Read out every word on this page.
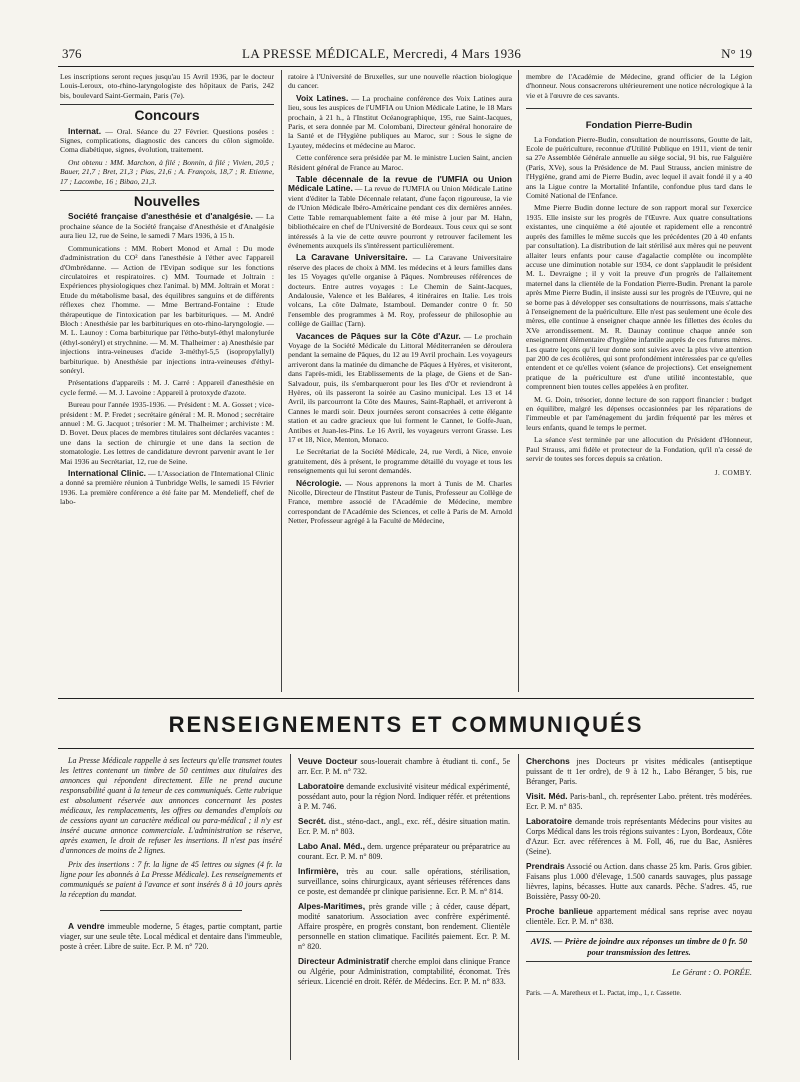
376	LA PRESSE MÉDICALE, Mercredi, 4 Mars 1936	N° 19

Les inscriptions seront reçues jusqu'au 15 Avril 1936, par le docteur Louis-Leroux, oto-rhino-laryngologiste des hôpitaux de Paris, 242 bis, boulevard Saint-Germain, Paris (7e).

Concours

Internat. — Oral. Séance du 27 Février. Questions posées : Signes, complications, diagnostic des cancers du côlon sigmoïde. Coma diabétique, signes, évolution, traitement.

Ont obtenu : MM. Marchon, à filé ; Bonnin, à filé ; Vivien, 20,5 ; Bauer, 21,7 ; Bret, 21,3 ; Pias, 21,6 ; A. François, 18,7 ; R. Etienne, 17 ; Lacombe, 16 ; Bibao, 21,3.

Nouvelles

Société française d'anesthésie et d'analgésie. — La prochaine séance de la Société française d'Anesthésie et d'Analgésie aura lieu 12, rue de Seine, le samedi 7 Mars 1936, à 15 h.

Communications : MM. Robert Monod et Arnal : Du mode d'administration du CO² dans l'anesthésie à l'éther avec l'appareil d'Ombrédanne. — Action de l'Evipan sodique sur les fonctions circulatoires et respiratoires. c) MM. Tournade et Joltrain : Expériences physiologiques chez l'animal. b) MM. Joltrain et Morat : Etude du métabolisme basal, des équilibres sanguins et de différents réflexes chez l'homme. — Mme Bertrand-Fontaine : Etude thérapeutique de l'intoxication par les barbituriques. — M. André Bloch : Anesthésie par les barbituriques en oto-rhino-laryngologie. — M. L. Launoy : Coma barbiturique par l'étho-butyl-éthyl malonylurée (éthyl-sonéryl) et strychnine. — M. M. Thalheimer : a) Anesthésie par injections intra-veineuses d'acide 3-méthyl-5,5 (isopropylallyl) barbiturique. b) Anesthésie par injections intra-veineuses d'éthyl-sonéryl.

Présentations d'appareils : M. J. Carré : Appareil d'anesthésie en cycle fermé. — M. J. Lavoine : Appareil à protoxyde d'azote.

Bureau pour l'année 1935-1936. — Président : M. A. Gosset ; vice-président : M. P. Fredet ; secrétaire général : M. R. Monod ; secrétaire annuel : M. G. Jacquot ; trésorier : M. M. Thalheimer ; archiviste : M. D. Bovet. Deux places de membres titulaires sont déclarées vacantes : une dans la section de chirurgie et une dans la section de stomatologie. Les lettres de candidature devront parvenir avant le 1er Mai 1936 au Secrétariat, 12, rue de Seine.

International Clinic. — L'Association de l'International Clinic a donné sa première réunion à Tunbridge Wells, le samedi 15 Février 1936. La première conférence a été faite par M. Mendelieff, chef de labo-

ratoire à l'Université de Bruxelles, sur une nouvelle réaction biologique du cancer.

Voix Latines. — La prochaine conférence des Voix Latines aura lieu, sous les auspices de l'UMFIA ou Union Médicale Latine, le 18 Mars prochain, à 21 h., à l'Institut Océanographique, 195, rue Saint-Jacques, Paris, et sera donnée par M. Colombani, Directeur général honoraire de la Santé et de l'Hygiène publiques au Maroc, sur : Sous le signe de Lyautey, médecins et médecine au Maroc.

Cette conférence sera présidée par M. le ministre Lucien Saint, ancien Résident général de France au Maroc.

Table décennale de la revue de l'UMFIA ou Union Médicale Latine. — La revue de l'UMFIA ou Union Médicale Latine vient d'éditer la Table Décennale relatant, d'une façon rigoureuse, la vie de l'Union Médicale Ibéro-Américaine pendant ces dix dernières années. Cette Table remarquablement faite a été mise à jour par M. Hahn, bibliothécaire en chef de l'Université de Bordeaux. Tous ceux qui se sont intéressés à la vie de cette œuvre pourront y retrouver facilement les événements auxquels ils s'intéressent particulièrement.

La Caravane Universitaire. — La Caravane Universitaire réserve des places de choix à MM. les médecins et à leurs familles dans les 15 Voyages qu'elle organise à Pâques. Nombreuses références de docteurs. Entre autres voyages : Le Chemin de Saint-Jacques, Andalousie, Valence et les Baléares, 4 itinéraires en Italie. Les trois volcans, La côte Dalmate, Istamboul. Demander contre 0 fr. 50 l'ensemble des programmes à M. Roy, professeur de philosophie au collège de Gaillac (Tarn).

Vacances de Pâques sur la Côte d'Azur. — Le prochain Voyage de la Société Médicale du Littoral Méditerranéen se déroulera pendant la semaine de Pâques, du 12 au 19 Avril prochain. Les voyageurs arriveront dans la matinée du dimanche de Pâques à Hyères, et visiteront, dans l'après-midi, les Etablissements de la plage, de Giens et de San-Salvadour, puis, ils s'embarqueront pour les Iles d'Or et reviendront à Hyères, où ils passeront la soirée au Casino municipal. Les 13 et 14 Avril, ils parcourront la Côte des Maures, Saint-Raphaël, et arriveront à Cannes le mardi soir. Deux journées seront consacrées à cette élégante station et au cadre gracieux que lui forment le Cannet, le Golfe-Juan, Antibes et Juan-les-Pins. Le 16 Avril, les voyageurs verront Grasse. Les 17 et 18, Nice, Menton, Monaco.

Le Secrétariat de la Société Médicale, 24, rue Verdi, à Nice, envoie gratuitement, dès à présent, le programme détaillé du voyage et tous les renseignements qui lui seront demandés.

Nécrologie. — Nous apprenons la mort à Tunis de M. Charles Nicolle, Directeur de l'Institut Pasteur de Tunis, Professeur au Collège de France, membre associé de l'Académie de Médecine, membre correspondant de l'Académie des Sciences, et celle à Paris de M. Arnold Netter, Professeur agrégé à la Faculté de Médecine,

membre de l'Académie de Médecine, grand officier de la Légion d'honneur. Nous consacrerons ultérieurement une notice nécrologique à la vie et à l'œuvre de ces savants.

Fondation Pierre-Budin

La Fondation Pierre-Budin, consultation de nourrissons, Goutte de lait, Ecole de puériculture, reconnue d'Utilité Publique en 1911, vient de tenir sa 27e Assemblée Générale annuelle au siège social, 91 bis, rue Falguière (Paris, XVe), sous la Présidence de M. Paul Strauss, ancien ministre de l'Hygiène, grand ami de Pierre Budin, avec lequel il avait fondé il y a 40 ans la Ligue contre la Mortalité Infantile, confondue plus tard dans le Comité National de l'Enfance.

Mme Pierre Budin donne lecture de son rapport moral sur l'exercice 1935. Elle insiste sur les progrès de l'Œuvre. Aux quatre consultations existantes, une cinquième a été ajoutée et rapidement elle a rencontré auprès des familles le même succès que les précédentes (20 à 40 enfants par consultation). La distribution de lait stérilisé aux mères qui ne peuvent allaiter leurs enfants pour cause d'agalactie complète ou incomplète accuse une diminution notable sur 1934, ce dont s'applaudit le président M. L. Devraigne ; il y voit la preuve d'un progrès de l'allaitement maternel dans la clientèle de la Fondation Pierre-Budin. Prenant la parole après Mme Pierre Budin, il insiste aussi sur les progrès de l'Œuvre, qui ne se borne pas à développer ses consultations de nourrissons, mais s'attache à l'enseignement de la puériculture. Elle n'est pas seulement une école des mères, elle continue à enseigner chaque année les fillettes des écoles du XVe arrondissement. M. R. Daunay continue chaque année son enseignement élémentaire d'hygiène infantile auprès de ces futures mères. Les quatre leçons qu'il leur donne sont suivies avec la plus vive attention par 200 de ces écolières, qui sont profondément intéressées par ce qu'elles entendent et ce qu'elles voient (séance de projections). Cet enseignement pratique de la puériculture est d'une utilité incontestable, que comprennent bien toutes celles appelées à en profiter.

M. G. Doin, trésorier, donne lecture de son rapport financier : budget en équilibre, malgré les dépenses occasionnées par les réparations de l'immeuble et par l'aménagement du jardin fréquenté par les mères et leurs enfants, quand le temps le permet.

La séance s'est terminée par une allocution du Président d'Honneur, Paul Strauss, ami fidèle et protecteur de la Fondation, qu'il n'a cessé de servir de toutes ses forces depuis sa création.

J. COMBY.
RENSEIGNEMENTS ET COMMUNIQUÉS

La Presse Médicale rappelle à ses lecteurs qu'elle transmet toutes les lettres contenant un timbre de 50 centimes aux titulaires des annonces qui répondent directement. Elle ne prend aucune responsabilité quant à la teneur de ces communiqués. Cette rubrique est absolument réservée aux annonces concernant les postes médicaux, les remplacements, les offres ou demandes d'emplois ou de cessions ayant un caractère médical ou para-médical ; il n'y est inséré aucune annonce commerciale. L'administration se réserve, après examen, le droit de refuser les insertions. Il n'est pas inséré d'annonces de moins de 2 lignes.

Prix des insertions : 7 fr. la ligne de 45 lettres ou signes (4 fr. la ligne pour les abonnés à La Presse Médicale). Les renseignements et communiqués se paient à l'avance et sont insérés 8 à 10 jours après la réception du mandat.

A vendre immeuble moderne, 5 étages, partie comptant, partie viager, sur une seule tête. Local médical et dentaire dans l'immeuble, poste à créer. Libre de suite. Ecr. P. M. n° 720.

Veuve Docteur sous-louerait chambre à étudiant ti. conf., 5e arr. Ecr. P. M. n° 732.

Laboratoire demande exclusivité visiteur médical expérimenté, possédant auto, pour la région Nord. Indiquer référ. et prétentions à P. M. 746.

Secrét. dist., sténo-dact., angl., exc. réf., désire situation matin. Ecr. P. M. n° 803.

Labo Anal. Méd., dem. urgence préparateur ou préparatrice au courant. Ecr. P. M. n° 809.

Infirmière, très au cour. salle opérations, stérilisation, surveillance, soins chirurgicaux, ayant sérieuses références dans ce poste, est demandée pr clinique parisienne. Ecr. P. M. n° 814.

Alpes-Maritimes, près grande ville ; à céder, cause départ, modité sanatorium. Association avec confrère expérimenté. Affaire prospère, en progrès constant, bon rendement. Clientèle personnelle en station climatique. Facilités paiement. Ecr. P. M. n° 820.

Directeur Administratif cherche emploi dans clinique France ou Algérie, pour Administration, comptabilité, économat. Très sérieux. Licencié en droit. Référ. de Médecins. Ecr. P. M. n° 833.

Cherchons jnes Docteurs pr visites médicales (antiseptique puissant de tt 1er ordre), de 9 à 12 h., Labo Béranger, 5 bis, rue Béranger, Paris.

Visit. Méd. Paris-banl., ch. représenter Labo. prétent. très modérées. Ecr. P. M. n° 835.

Laboratoire demande trois représentants Médecins pour visites au Corps Médical dans les trois régions suivantes : Lyon, Bordeaux, Côte d'Azur. Ecr. avec références à M. Foll, 46, rue du Bac, Asnières (Seine).

Prendrais Associé ou Action. dans chasse 25 km. Paris. Gros gibier. Faisans plus 1.000 d'élevage, 1.500 canards sauvages, plus passage lièvres, lapins, bécasses. Hutte aux canards. Pêche. S'adres. 45, rue Boissière, Passy 00-20.

Proche banlieue appartement médical sans reprise avec noyau clientèle. Ecr. P. M. n° 838.

AVIS. — Prière de joindre aux réponses un timbre de 0 fr. 50 pour transmission des lettres.
Le Gérant : O. PORÉE.
Paris. — A. Maretheux et L. Pactat, imp., 1, r. Cassette.
